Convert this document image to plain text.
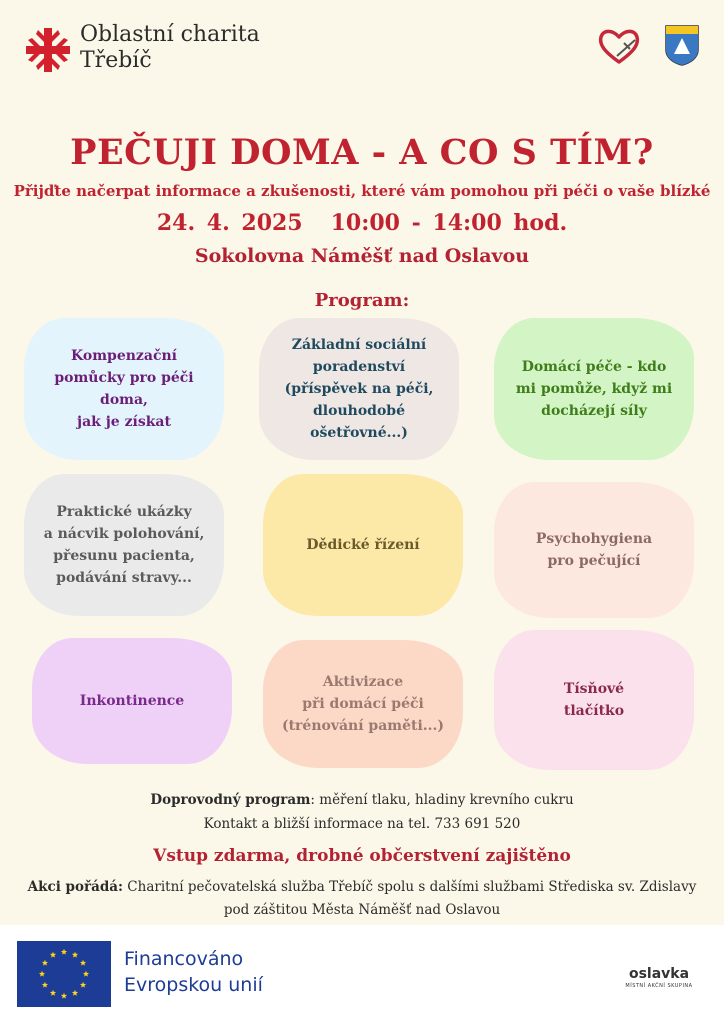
Oblastní charita
Třebíč
PEČUJI DOMA - A CO S TÍM?
Přijďte načerpat informace a zkušenosti, které vám pomohou při péči o vaše blízké
24. 4. 2025 10:00 - 14:00 hod.
Sokolovna Náměšť nad Oslavou
Program:
Kompenzační
pomůcky pro péči
doma,
jak je získat
Základní sociální
poradenství
(příspěvek na péči,
dlouhodobé
ošetřovné...)
Domácí péče - kdo
mi pomůže, když mi
docházejí síly
Praktické ukázky
a nácvik polohování,
přesunu pacienta,
podávání stravy...
Dědické řízení	Psychohygiena
pro pečující
Inkontinence
Aktivizace
při domácí péči
(trénování paměti...)
Tísňové
tlačítko
Doprovodný program: měření tlaku, hladiny krevního cukru
Kontakt a bližší informace na tel. 733 691 520
Vstup zdarma, drobné občerstvení zajištěno
Akci pořádá: Charitní pečovatelská služba Třebíč spolu s dalšími službami Střediska sv. Zdislavy
pod záštitou Města Náměšť nad Oslavou
Financováno
Evropskou unií	oslavka
MÍSTNÍ AKČNÍ SKUPINA
